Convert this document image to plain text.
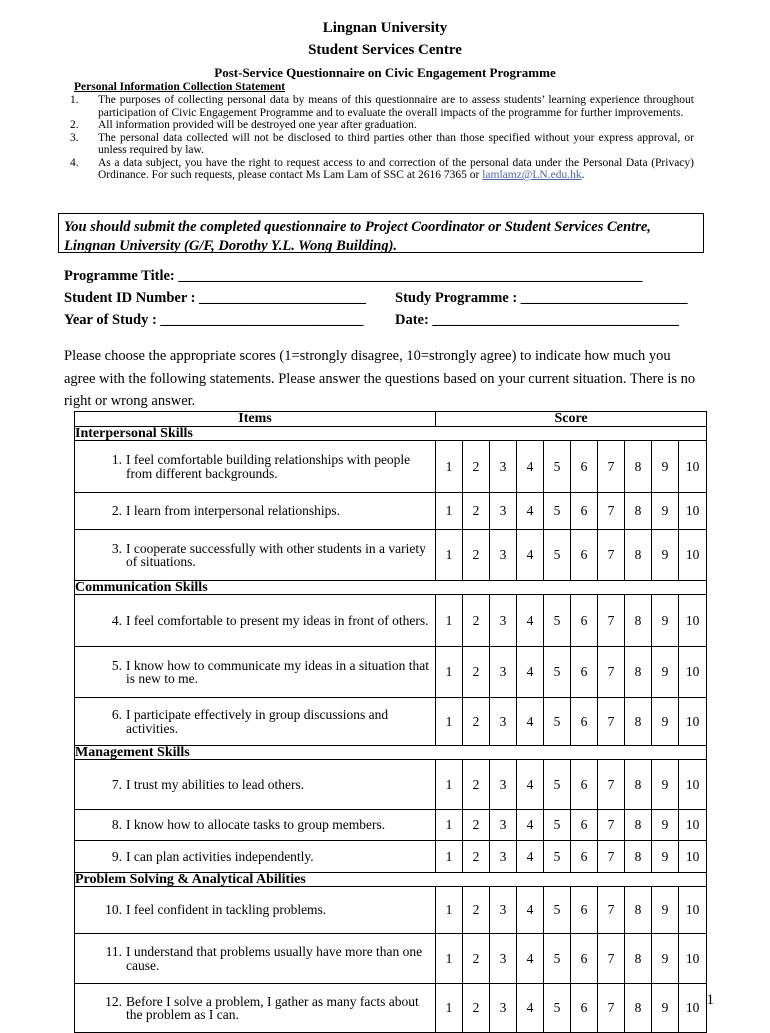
Lingnan University
Student Services Centre
Post-Service Questionnaire on Civic Engagement Programme
Personal Information Collection Statement
1.	The purposes of collecting personal data by means of this questionnaire are to assess students’ learning experience throughout participation of Civic Engagement Programme and to evaluate the overall impacts of the programme for further improvements.
2.	All information provided will be destroyed one year after graduation.
3.	The personal data collected will not be disclosed to third parties other than those specified without your express approval, or unless required by law.
4.	As a data subject, you have the right to request access to and correction of the personal data under the Personal Data (Privacy) Ordinance. For such requests, please contact Ms Lam Lam of SSC at 2616 7365 or lamlamz@LN.edu.hk.
You should submit the completed questionnaire to Project Coordinator or Student Services Centre, Lingnan University (G/F, Dorothy Y.L. Wong Building).
Programme Title: ________________________________________________________________
Student ID Number : _______________________ Study Programme : _______________________
Year of Study : ____________________________ Date: __________________________________
Please choose the appropriate scores (1=strongly disagree, 10=strongly agree) to indicate how much you agree with the following statements. Please answer the questions based on your current situation. There is no right or wrong answer.
Items	Score									
Interpersonal Skills										

1. I feel comfortable building relationships with people from different backgrounds.	1	2	3	4	5	6	7	8	9	10

2. I learn from interpersonal relationships.	1	2	3	4	5	6	7	8	9	10

3. I cooperate successfully with other students in a variety of situations.	1	2	3	4	5	6	7	8	9	10
Communication Skills										

4. I feel comfortable to present my ideas in front of others.	1	2	3	4	5	6	7	8	9	10

5. I know how to communicate my ideas in a situation that is new to me.	1	2	3	4	5	6	7	8	9	10

6. I participate effectively in group discussions and activities.	1	2	3	4	5	6	7	8	9	10
Management Skills										

7. I trust my abilities to lead others.	1	2	3	4	5	6	7	8	9	10

8. I know how to allocate tasks to group members.	1	2	3	4	5	6	7	8	9	10

9. I can plan activities independently.	1	2	3	4	5	6	7	8	9	10
Problem Solving & Analytical Abilities										

10. I feel confident in tackling problems.	1	2	3	4	5	6	7	8	9	10

11. I understand that problems usually have more than one cause.	1	2	3	4	5	6	7	8	9	10

12. Before I solve a problem, I gather as many facts about the problem as I can.	1	2	3	4	5	6	7	8	9	10 1
